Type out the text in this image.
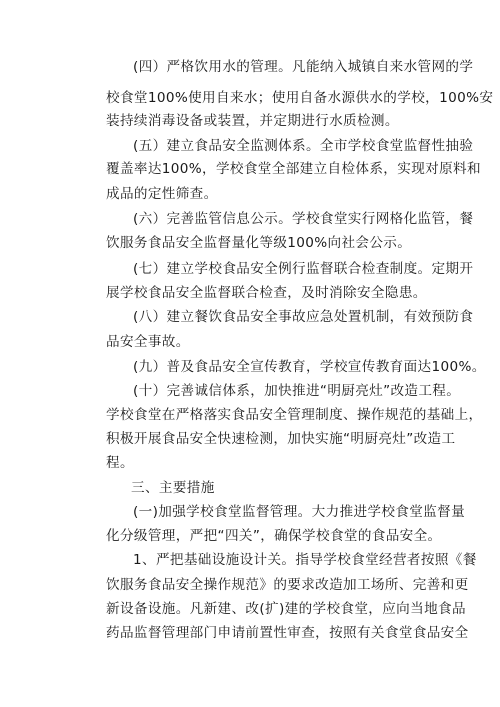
(四）严格饮用水的管理。凡能纳入城镇自来水管网的学
校食堂100%使用自来水；使用自备水源供水的学校，100%安
装持续消毒设备或装置，并定期进行水质检测。
(五）建立食品安全监测体系。全市学校食堂监督性抽验
覆盖率达100%，学校食堂全部建立自检体系，实现对原料和
成品的定性筛查。
(六）完善监管信息公示。学校食堂实行网格化监管，餐
饮服务食品安全监督量化等级100%向社会公示。
(七）建立学校食品安全例行监督联合检查制度。定期开
展学校食品安全监督联合检查，及时消除安全隐患。
(八）建立餐饮食品安全事故应急处置机制，有效预防食
品安全事故。
(九）普及食品安全宣传教育，学校宣传教育面达100%。
(十）完善诚信体系，加快推进“明厨亮灶”改造工程。
学校食堂在严格落实食品安全管理制度、操作规范的基础上，
积极开展食品安全快速检测，加快实施“明厨亮灶”改造工
程。
三、主要措施
(一)加强学校食堂监督管理。大力推进学校食堂监督量
化分级管理，严把“四关”，确保学校食堂的食品安全。
1、严把基础设施设计关。指导学校食堂经营者按照《餐
饮服务食品安全操作规范》的要求改造加工场所、完善和更
新设备设施。凡新建、改(扩)建的学校食堂，应向当地食品
药品监督管理部门申请前置性审查，按照有关食堂食品安全
